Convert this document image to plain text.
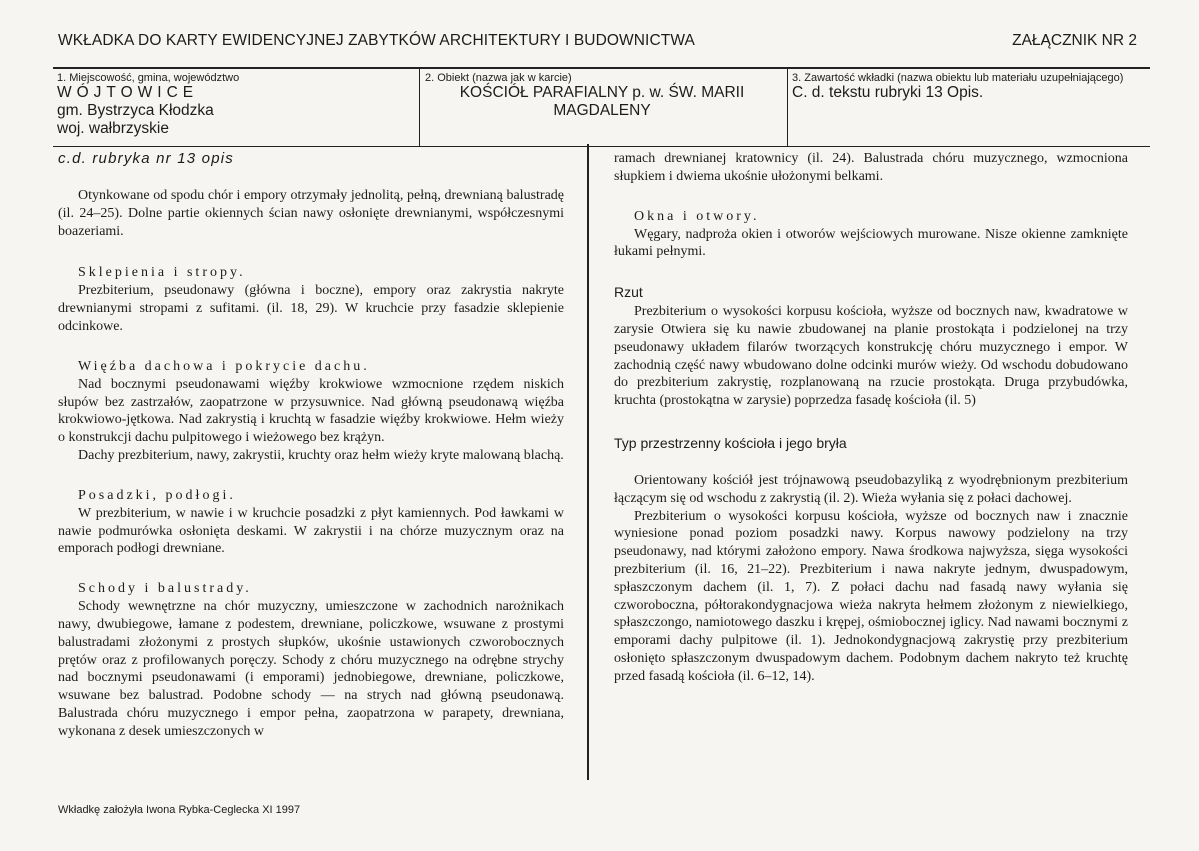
WKŁADKA DO KARTY EWIDENCYJNEJ ZABYTKÓW ARCHITEKTURY I BUDOWNICTWA	ZAŁĄCZNIK NR 2
1. Miejscowość, gmina, województwo
WÓJTOWICE
gm. Bystrzyca Kłodzka
woj. wałbrzyskie
2. Obiekt (nazwa jak w karcie)
KOŚCIÓŁ PARAFIALNY p. w. ŚW. MARII
MAGDALENY
3. Zawartość wkładki (nazwa obiektu lub materiału uzupełniającego)
C. d. tekstu rubryki 13 Opis.
c.d. rubryka nr 13 opis

Otynkowane od spodu chór i empory otrzymały jednolitą, pełną, drewnianą balustradę (il. 24–25). Dolne partie okiennych ścian nawy osłonięte drewnianymi, współczesnymi boazeriami.

Sklepienia i stropy.

Prezbiterium, pseudonawy (główna i boczne), empory oraz zakrystia nakryte drewnianymi stropami z sufitami. (il. 18, 29). W kruchcie przy fasadzie sklepienie odcinkowe.

Więźba dachowa i pokrycie dachu.

Nad bocznymi pseudonawami więźby krokwiowe wzmocnione rzędem niskich słupów bez zastrzałów, zaopatrzone w przysuwnice. Nad główną pseudonawą więźba krokwiowo-jętkowa. Nad zakrystią i kruchtą w fasadzie więźby krokwiowe. Hełm wieży o konstrukcji dachu pulpitowego i wieżowego bez krążyn.

Dachy prezbiterium, nawy, zakrystii, kruchty oraz hełm wieży kryte malowaną blachą.

Posadzki, podłogi.

W prezbiterium, w nawie i w kruchcie posadzki z płyt kamiennych. Pod ławkami w nawie podmurówka osłonięta deskami. W zakrystii i na chórze muzycznym oraz na emporach podłogi drewniane.

Schody i balustrady.

Schody wewnętrzne na chór muzyczny, umieszczone w zachodnich narożnikach nawy, dwubiegowe, łamane z podestem, drewniane, policzkowe, wsuwane z prostymi balustradami złożonymi z prostych słupków, ukośnie ustawionych czworobocznych prętów oraz z profilowanych poręczy. Schody z chóru muzycznego na odrębne strychy nad bocznymi pseudonawami (i emporami) jednobiegowe, drewniane, policzkowe, wsuwane bez balustrad. Podobne schody — na strych nad główną pseudonawą. Balustrada chóru muzycznego i empor pełna, zaopatrzona w parapety, drewniana, wykonana z desek umieszczonych w

ramach drewnianej kratownicy (il. 24). Balustrada chóru muzycznego, wzmocniona słupkiem i dwiema ukośnie ułożonymi belkami.

Okna i otwory.

Węgary, nadproża okien i otworów wejściowych murowane. Nisze okienne zamknięte łukami pełnymi.

Rzut

Prezbiterium o wysokości korpusu kościoła, wyższe od bocznych naw, kwadratowe w zarysie Otwiera się ku nawie zbudowanej na planie prostokąta i podzielonej na trzy pseudonawy układem filarów tworzących konstrukcję chóru muzycznego i empor. W zachodnią część nawy wbudowano dolne odcinki murów wieży. Od wschodu dobudowano do prezbiterium zakrystię, rozplanowaną na rzucie prostokąta. Druga przybudówka, kruchta (prostokątna w zarysie) poprzedza fasadę kościoła (il. 5)

Typ przestrzenny kościoła i jego bryła

Orientowany kościół jest trójnawową pseudobazyliką z wyodrębnionym prezbiterium łączącym się od wschodu z zakrystią (il. 2). Wieża wyłania się z połaci dachowej.

Prezbiterium o wysokości korpusu kościoła, wyższe od bocznych naw i znacznie wyniesione ponad poziom posadzki nawy. Korpus nawowy podzielony na trzy pseudonawy, nad którymi założono empory. Nawa środkowa najwyższa, sięga wysokości prezbiterium (il. 16, 21–22). Prezbiterium i nawa nakryte jednym, dwuspadowym, spłaszczonym dachem (il. 1, 7). Z połaci dachu nad fasadą nawy wyłania się czworoboczna, półtorakondygnacjowa wieża nakryta hełmem złożonym z niewielkiego, spłaszczongo, namiotowego daszku i krępej, ośmiobocznej iglicy. Nad nawami bocznymi z emporami dachy pulpitowe (il. 1). Jednokondygnacjową zakrystię przy prezbiterium osłonięto spłaszczonym dwuspadowym dachem. Podobnym dachem nakryto też kruchtę przed fasadą kościoła (il. 6–12, 14).

Wkładkę założyła Iwona Rybka-Ceglecka XI 1997
